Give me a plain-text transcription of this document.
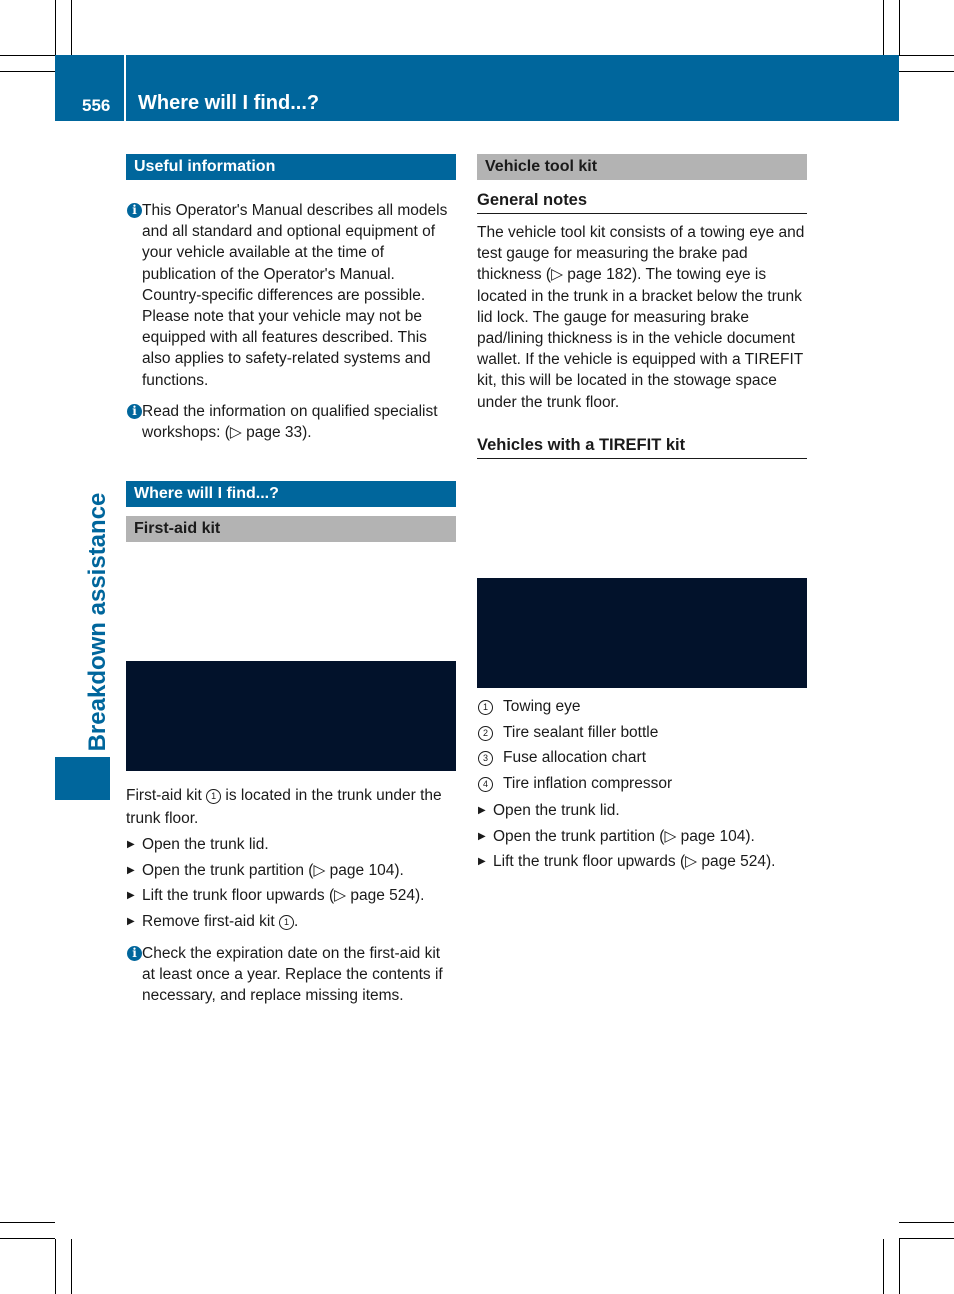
556 Where will I find...?
Breakdown assistance
Useful information
i This Operator's Manual describes all models and all standard and optional equipment of your vehicle available at the time of publication of the Operator's Manual. Country-specific differences are possible. Please note that your vehicle may not be equipped with all features described. This also applies to safety-related systems and functions.
i Read the information on qualified specialist workshops: (▷ page 33).
Where will I find...?
First-aid kit
First-aid kit 1 is located in the trunk under the trunk floor.
▶ Open the trunk lid.
▶ Open the trunk partition (▷ page 104).
▶ Lift the trunk floor upwards (▷ page 524).
▶ Remove first-aid kit 1 .
i Check the expiration date on the first-aid kit at least once a year. Replace the contents if necessary, and replace missing items.
Vehicle tool kit
General notes
The vehicle tool kit consists of a towing eye and test gauge for measuring the brake pad thickness (▷ page 182). The towing eye is located in the trunk in a bracket below the trunk lid lock. The gauge for measuring brake pad/lining thickness is in the vehicle document wallet. If the vehicle is equipped with a TIREFIT kit, this will be located in the stowage space under the trunk floor.
Vehicles with a TIREFIT kit
1 Towing eye
2 Tire sealant filler bottle
3 Fuse allocation chart
4 Tire inflation compressor
▶ Open the trunk lid.
▶ Open the trunk partition (▷ page 104).
▶ Lift the trunk floor upwards (▷ page 524).
